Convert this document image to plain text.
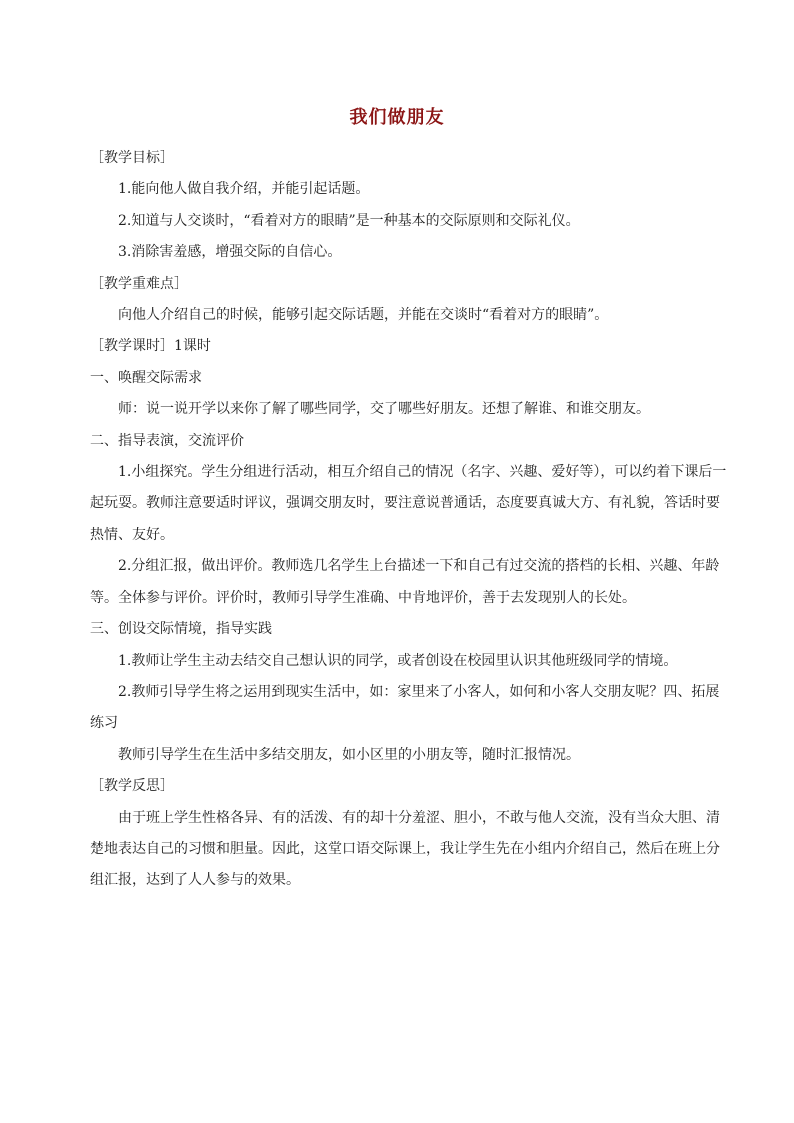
我们做朋友

［教学目标］

1.能向他人做自我介绍，并能引起话题。

2.知道与人交谈时，“看着对方的眼睛”是一种基本的交际原则和交际礼仪。

3.消除害羞感，增强交际的自信心。

［教学重难点］

向他人介绍自己的时候，能够引起交际话题，并能在交谈时“看着对方的眼睛”。

［教学课时］1课时

一、唤醒交际需求

师：说一说开学以来你了解了哪些同学，交了哪些好朋友。还想了解谁、和谁交朋友。

二、指导表演，交流评价

1.小组探究。学生分组进行活动，相互介绍自己的情况（名字、兴趣、爱好等），可以约着下课后一起玩耍。教师注意要适时评议，强调交朋友时，要注意说普通话，态度要真诚大方、有礼貌，答话时要热情、友好。

2.分组汇报，做出评价。教师选几名学生上台描述一下和自己有过交流的搭档的长相、兴趣、年龄等。全体参与评价。评价时，教师引导学生准确、中肯地评价，善于去发现别人的长处。

三、创设交际情境，指导实践

1.教师让学生主动去结交自己想认识的同学，或者创设在校园里认识其他班级同学的情境。

2.教师引导学生将之运用到现实生活中，如：家里来了小客人，如何和小客人交朋友呢？四、拓展练习

教师引导学生在生活中多结交朋友，如小区里的小朋友等，随时汇报情况。

［教学反思］

由于班上学生性格各异、有的活泼、有的却十分羞涩、胆小，不敢与他人交流，没有当众大胆、清楚地表达自己的习惯和胆量。因此，这堂口语交际课上，我让学生先在小组内介绍自己，然后在班上分组汇报，达到了人人参与的效果。
